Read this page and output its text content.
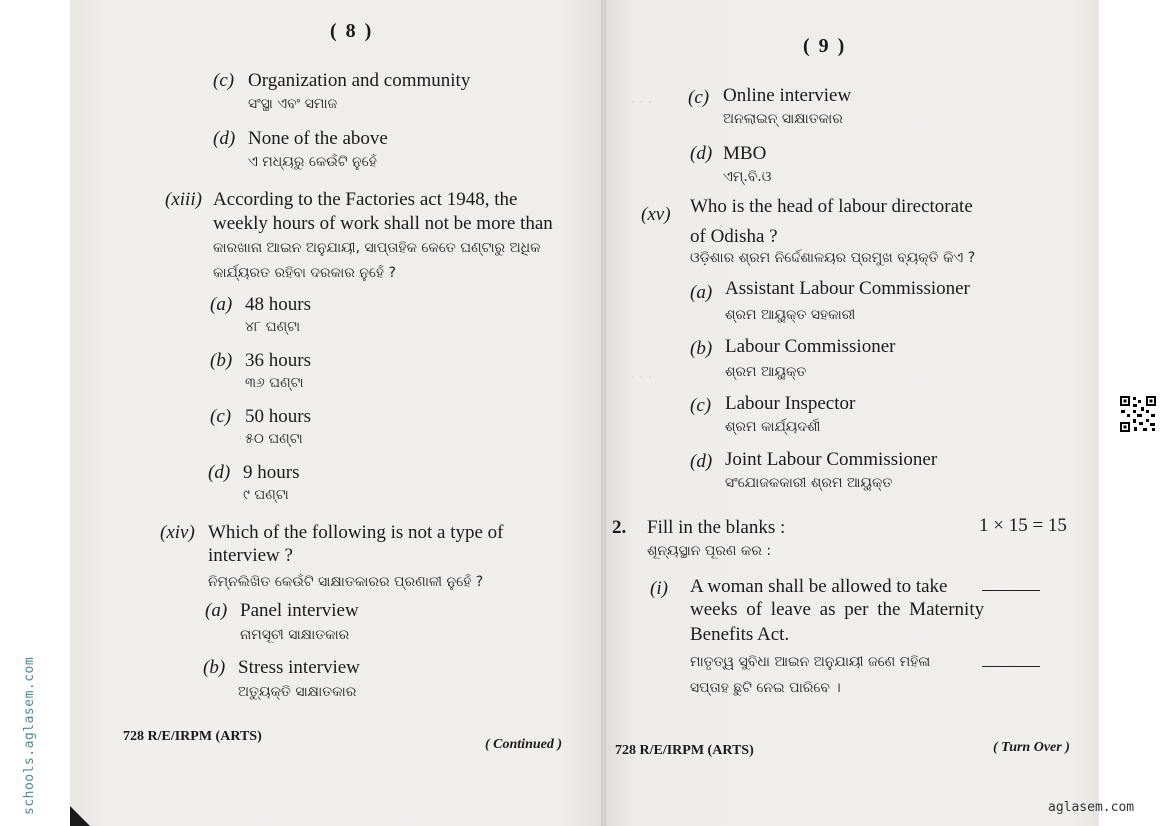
· · ·
· · ·
( 8 )
(c) Organization and community
ସଂସ୍ଥା ଏବଂ ସମାଜ
(d) None of the above
ଏ ମଧ୍ୟରୁ କେଉଁଟି ନୁହେଁ
(xiii) According to the Factories act 1948, the
weekly hours of work shall not be more than
କାରଖାନା ଆଇନ ଅନୁଯାୟୀ, ସାପ୍ତାହିକ କେତେ ଘଣ୍ଟାରୁ ଅଧିକ
କାର୍ଯ୍ୟରତ ରହିବା ଦରକାର ନୁହେଁ ?
(a) 48 hours
୪୮ ଘଣ୍ଟା
(b) 36 hours
୩୬ ଘଣ୍ଟା
(c) 50 hours
୫୦ ଘଣ୍ଟା
(d) 9 hours
୯ ଘଣ୍ଟା
(xiv) Which of the following is not a type of
interview ?
ନିମ୍ନଲିଖିତ କେଉଁଟି ସାକ୍ଷାତକାରର ପ୍ରଣାଳୀ ନୁହେଁ ?
(a) Panel interview
ନାମସୂଚୀ ସାକ୍ଷାତକାର
(b) Stress interview
ଅତ୍ୟୁକ୍ତି ସାକ୍ଷାତକାର
728 R/E/IRPM (ARTS)
( Continued )
( 9 )
(c) Online interview
ଅନଲାଇନ୍ ସାକ୍ଷାତକାର
(d) MBO
ଏମ୍.ବି.ଓ
(xv) Who is the head of labour directorate
of Odisha ?
ଓଡ଼ିଶାର ଶ୍ରମ ନିର୍ଦ୍ଦେଶାଳୟର ପ୍ରମୁଖ ବ୍ୟକ୍ତି କିଏ ?
(a) Assistant Labour Commissioner
ଶ୍ରମ ଆୟୁକ୍ତ ସହକାରୀ
(b) Labour Commissioner
ଶ୍ରମ ଆୟୁକ୍ତ
(c) Labour Inspector
ଶ୍ରମ କାର୍ଯ୍ୟଦର୍ଶୀ
(d) Joint Labour Commissioner
ସଂଯୋଜକକାରୀ ଶ୍ରମ ଆୟୁକ୍ତ
2. Fill in the blanks :	1 × 15 = 15
ଶୂନ୍ୟସ୍ଥାନ ପୂରଣ କର :
(i) A woman shall be allowed to take
weeks of leave as per the Maternity
Benefits Act.
ମାତୃତ୍ୱ ସୁବିଧା ଆଇନ ଅନୁଯାୟୀ ଜଣେ ମହିଳା
ସପ୍ତାହ ଛୁଟି ନେଇ ପାରିବେ ।
728 R/E/IRPM (ARTS)	( Turn Over )
schools.aglasem.com	aglasem.com
